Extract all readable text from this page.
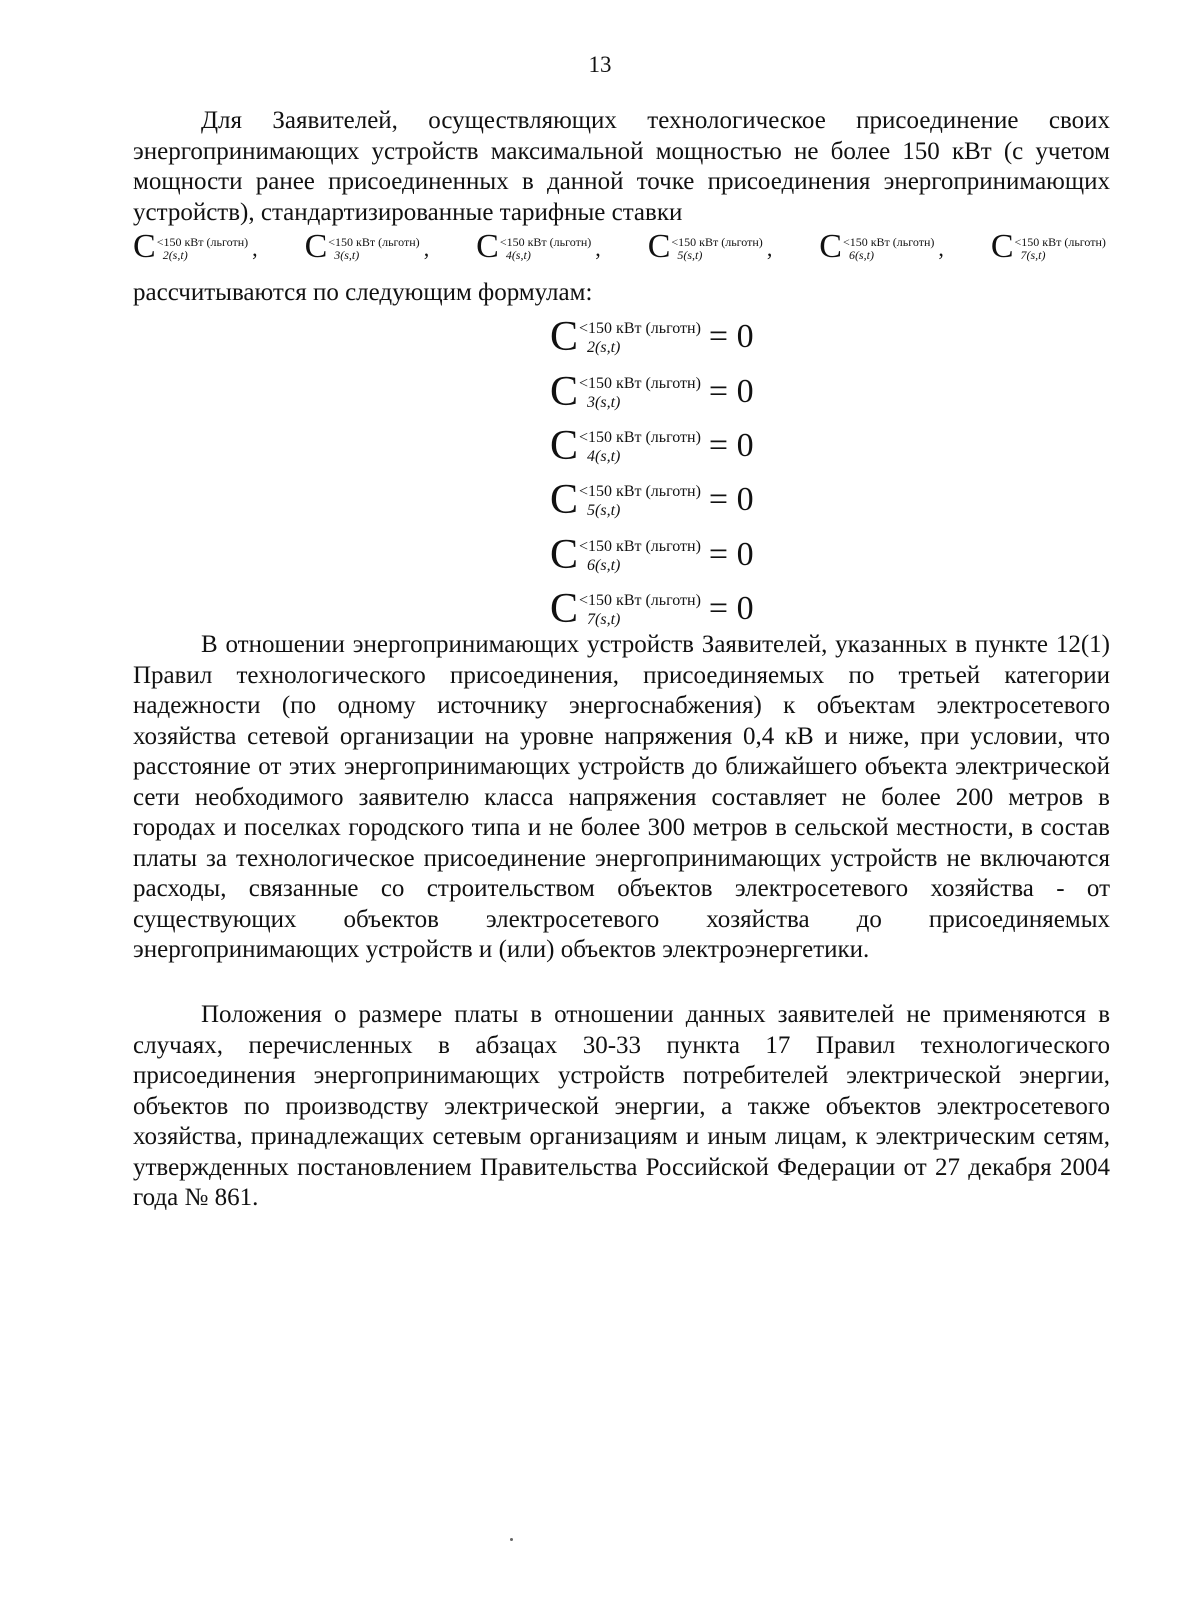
13

Для Заявителей, осуществляющих технологическое присоединение своих энергопринимающих устройств максимальной мощностью не более 150 кВт (с учетом мощности ранее присоединенных в данной точке присоединения энергопринимающих устройств), стандартизированные тарифные ставки

C <150 кВт (льготн)
2(s,t)	, C <150 кВт (льготн)
3(s,t)	, C <150 кВт (льготн)
4(s,t)	, C <150 кВт (льготн)
5(s,t)	, C <150 кВт (льготн)
6(s,t)	, C <150 кВт (льготн)
7(s,t)

рассчитываются по следующим формулам:

C <150 кВт (льготн)
2(s,t)	= 0
C <150 кВт (льготн)
3(s,t)	= 0
C <150 кВт (льготн)
4(s,t)	= 0
C <150 кВт (льготн)
5(s,t)	= 0
C <150 кВт (льготн)
6(s,t)	= 0
C <150 кВт (льготн)
7(s,t)	= 0

В отношении энергопринимающих устройств Заявителей, указанных в пункте 12(1) Правил технологического присоединения, присоединяемых по третьей категории надежности (по одному источнику энергоснабжения) к объектам электросетевого хозяйства сетевой организации на уровне напряжения 0,4 кВ и ниже, при условии, что расстояние от этих энергопринимающих устройств до ближайшего объекта электрической сети необходимого заявителю класса напряжения составляет не более 200 метров в городах и поселках городского типа и не более 300 метров в сельской местности, в состав платы за технологическое присоединение энергопринимающих устройств не включаются расходы, связанные со строительством объектов электросетевого хозяйства - от существующих объектов электросетевого хозяйства до присоединяемых энергопринимающих устройств и (или) объектов электроэнергетики.

Положения о размере платы в отношении данных заявителей не применяются в случаях, перечисленных в абзацах 30-33 пункта 17 Правил технологического присоединения энергопринимающих устройств потребителей электрической энергии, объектов по производству электрической энергии, а также объектов электросетевого хозяйства, принадлежащих сетевым организациям и иным лицам, к электрическим сетям, утвержденных постановлением Правительства Российской Федерации от 27 декабря 2004 года № 861.
